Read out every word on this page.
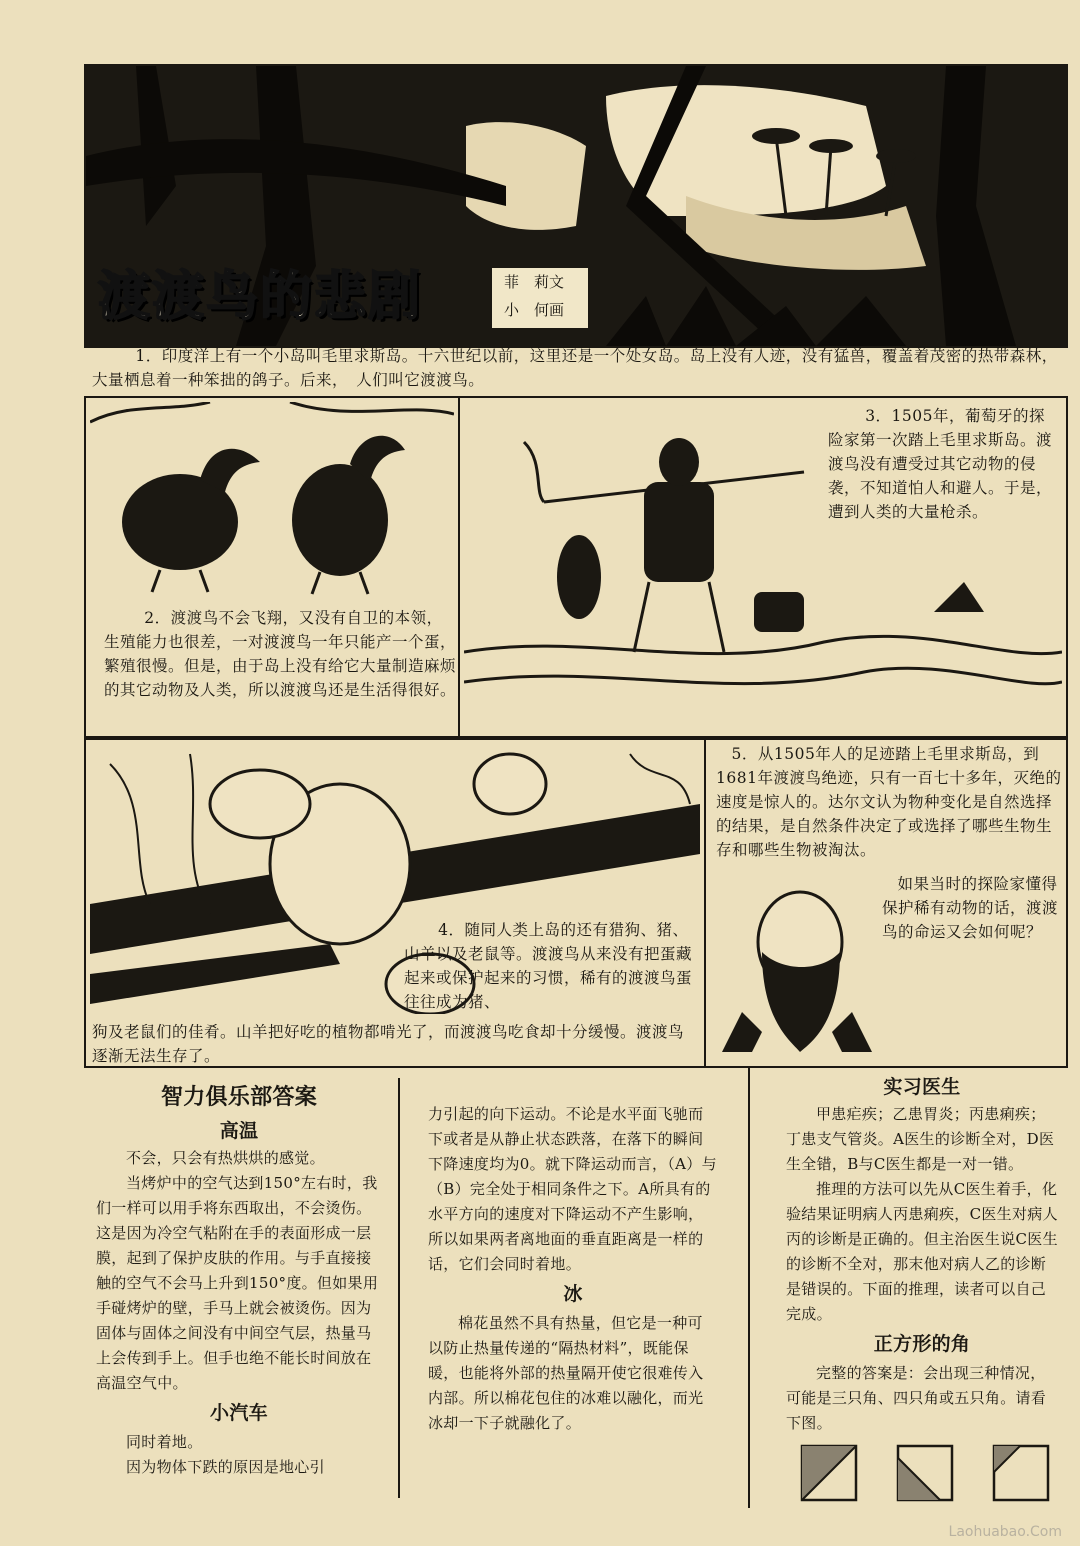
渡渡鸟的悲剧	菲　莉文
小　何画
1．印度洋上有一个小岛叫毛里求斯岛。十六世纪以前，这里还是一个处女岛。岛上没有人迹，没有猛兽，覆盖着茂密的热带森林，大量栖息着一种笨拙的鸽子。后来，　人们叫它渡渡鸟。
2．渡渡鸟不会飞翔，又没有自卫的本领，生殖能力也很差，一对渡渡鸟一年只能产一个蛋，繁殖很慢。但是，由于岛上没有给它大量制造麻烦的其它动物及人类，所以渡渡鸟还是生活得很好。
3．1505年，葡萄牙的探险家第一次踏上毛里求斯岛。渡渡鸟没有遭受过其它动物的侵袭，不知道怕人和避人。于是，遭到人类的大量枪杀。
4．随同人类上岛的还有猎狗、猪、山羊以及老鼠等。渡渡鸟从来没有把蛋藏起来或保护起来的习惯，稀有的渡渡鸟蛋往往成为猪、
狗及老鼠们的佳肴。山羊把好吃的植物都啃光了，而渡渡鸟吃食却十分缓慢。渡渡鸟逐渐无法生存了。
5．从1505年人的足迹踏上毛里求斯岛，到1681年渡渡鸟绝迹，只有一百七十多年，灭绝的速度是惊人的。达尔文认为物种变化是自然选择的结果，是自然条件决定了或选择了哪些生物生存和哪些生物被淘汰。
如果当时的探险家懂得保护稀有动物的话，渡渡鸟的命运又会如何呢？

智力俱乐部答案

高温

不会，只会有热烘烘的感觉。

当烤炉中的空气达到150°左右时，我们一样可以用手将东西取出，不会烫伤。这是因为冷空气粘附在手的表面形成一层膜，起到了保护皮肤的作用。与手直接接触的空气不会马上升到150°度。但如果用手碰烤炉的壁，手马上就会被烫伤。因为固体与固体之间没有中间空气层，热量马上会传到手上。但手也绝不能长时间放在高温空气中。

小汽车

同时着地。

因为物体下跌的原因是地心引

力引起的向下运动。不论是水平面飞驰而下或者是从静止状态跌落，在落下的瞬间下降速度均为0。就下降运动而言，（A）与（B）完全处于相同条件之下。A所具有的水平方向的速度对下降运动不产生影响，所以如果两者离地面的垂直距离是一样的话，它们会同时着地。

冰

棉花虽然不具有热量，但它是一种可以防止热量传递的“隔热材料”，既能保暖，也能将外部的热量隔开使它很难传入内部。所以棉花包住的冰难以融化，而光冰却一下子就融化了。

实习医生

甲患疟疾；乙患胃炎；丙患痢疾；丁患支气管炎。A医生的诊断全对，D医生全错，B与C医生都是一对一错。

推理的方法可以先从C医生着手，化验结果证明病人丙患痢疾，C医生对病人丙的诊断是正确的。但主治医生说C医生的诊断不全对，那末他对病人乙的诊断是错误的。下面的推理，读者可以自己完成。

正方形的角

完整的答案是：会出现三种情况，可能是三只角、四只角或五只角。请看下图。

Laohuabao.Com
